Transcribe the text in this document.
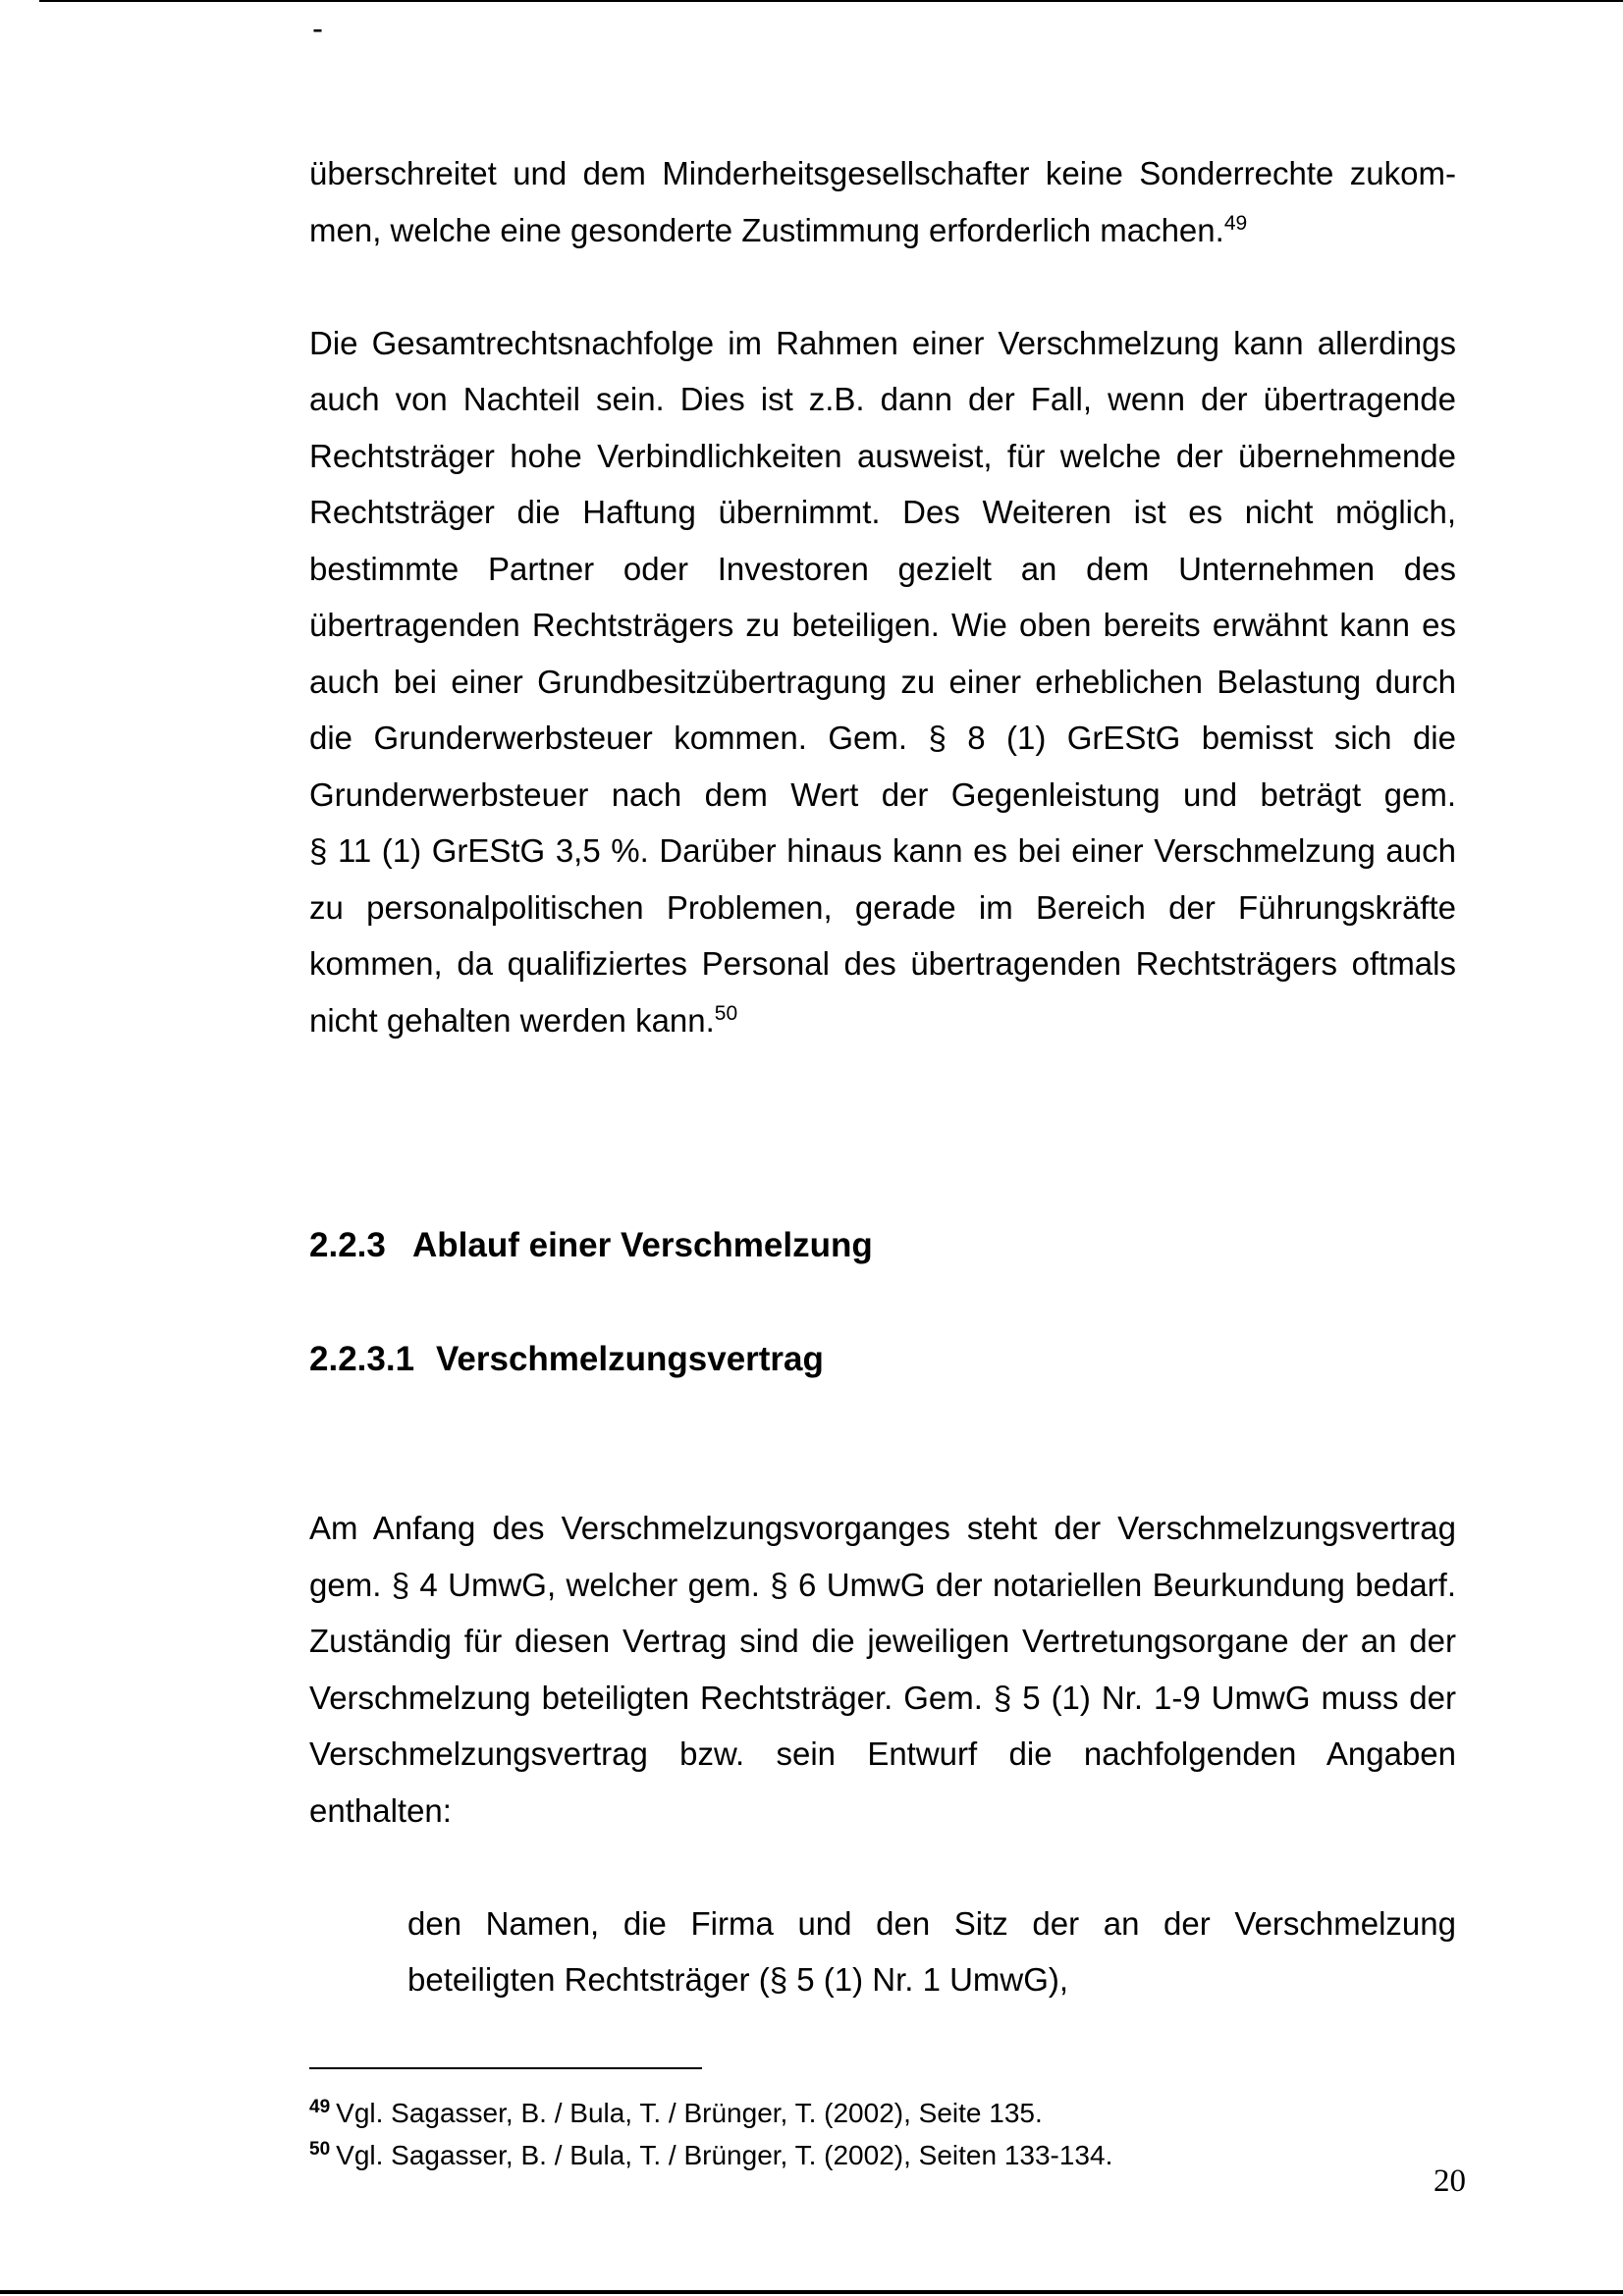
überschreitet und dem Minderheitsgesellschafter keine Sonderrechte zukom-
men, welche eine gesonderte Zustimmung erforderlich machen.$^{49}$
Die Gesamtrechtsnachfolge im Rahmen einer Verschmelzung kann allerdings
auch von Nachteil sein. Dies ist z.B. dann der Fall, wenn der übertragende
Rechtsträger hohe Verbindlichkeiten ausweist, für welche der übernehmende
Rechtsträger die Haftung übernimmt. Des Weiteren ist es nicht möglich,
bestimmte Partner oder Investoren gezielt an dem Unternehmen des
übertragenden Rechtsträgers zu beteiligen. Wie oben bereits erwähnt kann es
auch bei einer Grundbesitzübertragung zu einer erheblichen Belastung durch
die Grunderwerbsteuer kommen. Gem. § 8 (1) GrEStG bemisst sich die
Grunderwerbsteuer nach dem Wert der Gegenleistung und beträgt gem.
§ 11 (1) GrEStG 3,5 %. Darüber hinaus kann es bei einer Verschmelzung auch
zu personalpolitischen Problemen, gerade im Bereich der Führungskräfte
kommen, da qualifiziertes Personal des übertragenden Rechtsträgers oftmals
nicht gehalten werden kann.$^{50}$
2.2.3 Ablauf einer Verschmelzung
2.2.3.1 Verschmelzungsvertrag
Am Anfang des Verschmelzungsvorganges steht der Verschmelzungsvertrag
gem. § 4 UmwG, welcher gem. § 6 UmwG der notariellen Beurkundung bedarf.
Zuständig für diesen Vertrag sind die jeweiligen Vertretungsorgane der an der
Verschmelzung beteiligten Rechtsträger. Gem. § 5 (1) Nr. 1-9 UmwG muss der
Verschmelzungsvertrag bzw. sein Entwurf die nachfolgenden Angaben
enthalten:
-
den Namen, die Firma und den Sitz der an der Verschmelzung
beteiligten Rechtsträger (§ 5 (1) Nr. 1 UmwG),
$^{49}$ Vgl. Sagasser, B. / Bula, T. / Brünger, T. (2002), Seite 135.
$^{50}$ Vgl. Sagasser, B. / Bula, T. / Brünger, T. (2002), Seiten 133-134.
20
